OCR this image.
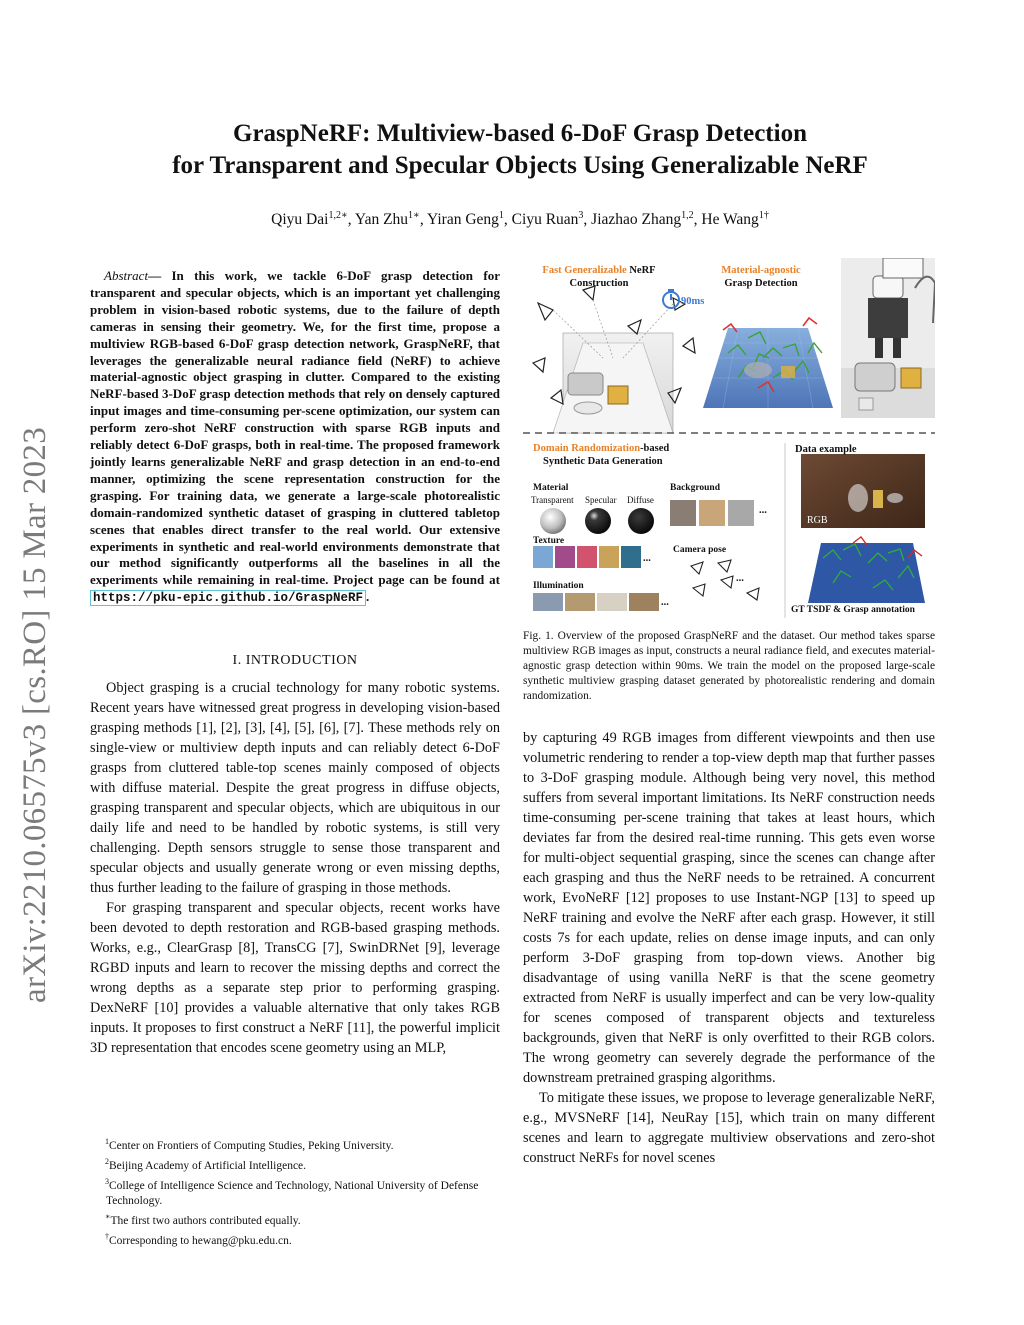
arXiv:2210.06575v3 [cs.RO] 15 Mar 2023
GraspNeRF: Multiview-based 6-DoF Grasp Detection
for Transparent and Specular Objects Using Generalizable NeRF
Qiyu Dai$^{1,2∗}$, Yan Zhu$^{1∗}$, Yiran Geng$^1$, Ciyu Ruan$^3$, Jiazhao Zhang$^{1,2}$, He Wang$^{1\dagger}$
Abstract— In this work, we tackle 6-DoF grasp detection for transparent and specular objects, which is an important yet challenging problem in vision-based robotic systems, due to the failure of depth cameras in sensing their geometry. We, for the first time, propose a multiview RGB-based 6-DoF grasp detection network, GraspNeRF, that leverages the generalizable neural radiance field (NeRF) to achieve material-agnostic object grasping in clutter. Compared to the existing NeRF-based 3-DoF grasp detection methods that rely on densely captured input images and time-consuming per-scene optimization, our system can perform zero-shot NeRF construction with sparse RGB inputs and reliably detect 6-DoF grasps, both in real-time. The proposed framework jointly learns generalizable NeRF and grasp detection in an end-to-end manner, optimizing the scene representation construction for the grasping. For training data, we generate a large-scale photorealistic domain-randomized synthetic dataset of grasping in cluttered tabletop scenes that enables direct transfer to the real world. Our extensive experiments in synthetic and real-world environments demonstrate that our method significantly outperforms all the baselines in all the experiments while remaining in real-time. Project page can be found at https://pku-epic.github.io/GraspNeRF .
I. INTRODUCTION

Object grasping is a crucial technology for many robotic systems. Recent years have witnessed great progress in developing vision-based grasping methods [1], [2], [3], [4], [5], [6], [7]. These methods rely on single-view or multiview depth inputs and can reliably detect 6-DoF grasps from cluttered table-top scenes mainly composed of objects with diffuse material. Despite the great progress in diffuse objects, grasping transparent and specular objects, which are ubiquitous in our daily life and need to be handled by robotic systems, is still very challenging. Depth sensors struggle to sense those transparent and specular objects and usually generate wrong or even missing depths, thus further leading to the failure of grasping in those methods.

For grasping transparent and specular objects, recent works have been devoted to depth restoration and RGB-based grasping methods. Works, e.g., ClearGrasp [8], TransCG [7], SwinDRNet [9], leverage RGBD inputs and learn to recover the missing depths and correct the wrong depths as a separate step prior to performing grasping. DexNeRF [10] provides a valuable alternative that only takes RGB inputs. It proposes to first construct a NeRF [11], the powerful implicit 3D representation that encodes scene geometry using an MLP,

$^1$Center on Frontiers of Computing Studies, Peking University.
$^2$Beijing Academy of Artificial Intelligence.
$^3$College of Intelligence Science and Technology, National University of Defense Technology.
∗The first two authors contributed equally.
†Corresponding to hewang@pku.edu.cn.
Fast Generalizable NeRF
Construction
90ms
Material-agnostic
Grasp Detection
Domain Randomization-based
Synthetic Data Generation
Material
Transparent Specular Diffuse
Background
...
Texture
...
Camera pose
...
Illumination
...
Data example
RGB
GT TSDF & Grasp annotation
Fig. 1. Overview of the proposed GraspNeRF and the dataset. Our method takes sparse multiview RGB images as input, constructs a neural radiance field, and executes material-agnostic grasp detection within 90ms. We train the model on the proposed large-scale synthetic multiview grasping dataset generated by photorealistic rendering and domain randomization.

by capturing 49 RGB images from different viewpoints and then use volumetric rendering to render a top-view depth map that further passes to 3-DoF grasping module. Although being very novel, this method suffers from several important limitations. Its NeRF construction needs time-consuming per-scene training that takes at least hours, which deviates far from the desired real-time running. This gets even worse for multi-object sequential grasping, since the scenes can change after each grasping and thus the NeRF needs to be retrained. A concurrent work, EvoNeRF [12] proposes to use Instant-NGP [13] to speed up NeRF training and evolve the NeRF after each grasp. However, it still costs 7s for each update, relies on dense image inputs, and can only perform 3-DoF grasping from top-down views. Another big disadvantage of using vanilla NeRF is that the scene geometry extracted from NeRF is usually imperfect and can be very low-quality for scenes composed of transparent objects and textureless backgrounds, given that NeRF is only overfitted to their RGB colors. The wrong geometry can severely degrade the performance of the downstream pretrained grasping algorithms.

To mitigate these issues, we propose to leverage generalizable NeRF, e.g., MVSNeRF [14], NeuRay [15], which train on many different scenes and learn to aggregate multiview observations and zero-shot construct NeRFs for novel scenes
